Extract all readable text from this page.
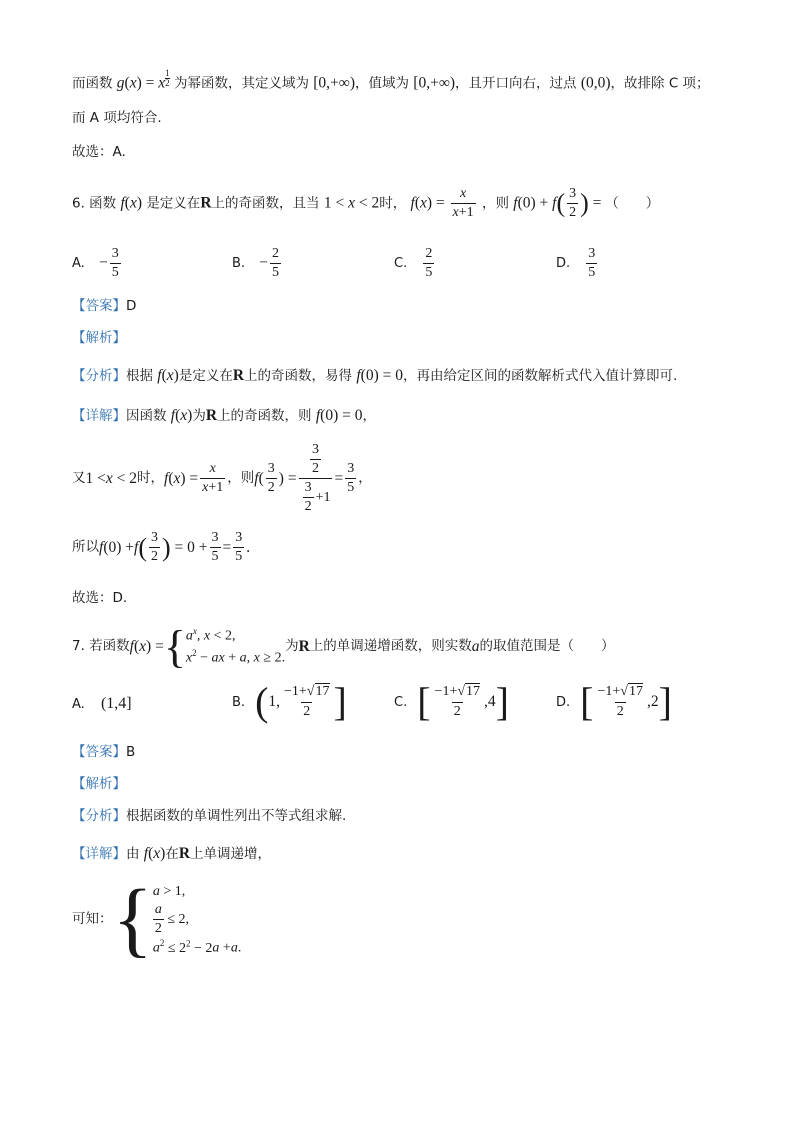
而函数 g(x) = x $^{\frac{1}{2}}$ 为幂函数，其定义域为 [0,+∞)，值域为 [0,+∞)，且开口向右，过点 (0,0)，故排除 C 项；
而 A 项均符合.
故选：A.
6. 函数 f(x) 是定义在R上的奇函数，且当 1 < x < 2时， $f(x) = \frac{x}{x+1}$ ，则 $f(0) + f( \frac{3}{2}$ ) = （　　）
A. − $\frac{3}{5}$	B. − $\frac{2}{5}$	C. $\frac{2}{5}$	D. $\frac{3}{5}$
【答案】D
【解析】
【分析】根据 f(x)是定义在R上的奇函数，易得 f(0) = 0，再由给定区间的函数解析式代入值计算即可.
【详解】因函数 f(x)为R上的奇函数，则 f(0) = 0，
又 1 < x < 2 时， f ( x ) = $\frac{x}{x+1}$ ，则 f ( $\frac{3}{2}$ ) = $\frac{\frac{3}{2}}{\frac{3}{2} +1} = \frac{3}{5}$ ，
所以 f (0) + f ( $\frac{3}{2}$ ) = $0 + \frac{3}{5} = \frac{3}{5}$ .
故选：D.
7. 若函数 f ( x ) = { $a^x$, x < 2,
$x^2$ − ax + a, x ≥ 2.
为 R 上的单调递增函数，则实数 a 的取值范围是（　　）
A. (1,4]	B. ( 1, $\frac{-1+√17}{2}$ ]	C. [ $\frac{-1+√17}{2} ,4$ ]	D. [ $\frac{-1+√17}{2} ,2$ ]
【答案】B
【解析】
【分析】根据函数的单调性列出不等式组求解.
【详解】由 f(x)在R上单调递增，
可知： { a > 1,
$\frac{a}{2} \le 2$,
$a^2 \le 2^2 - 2a +a$.
